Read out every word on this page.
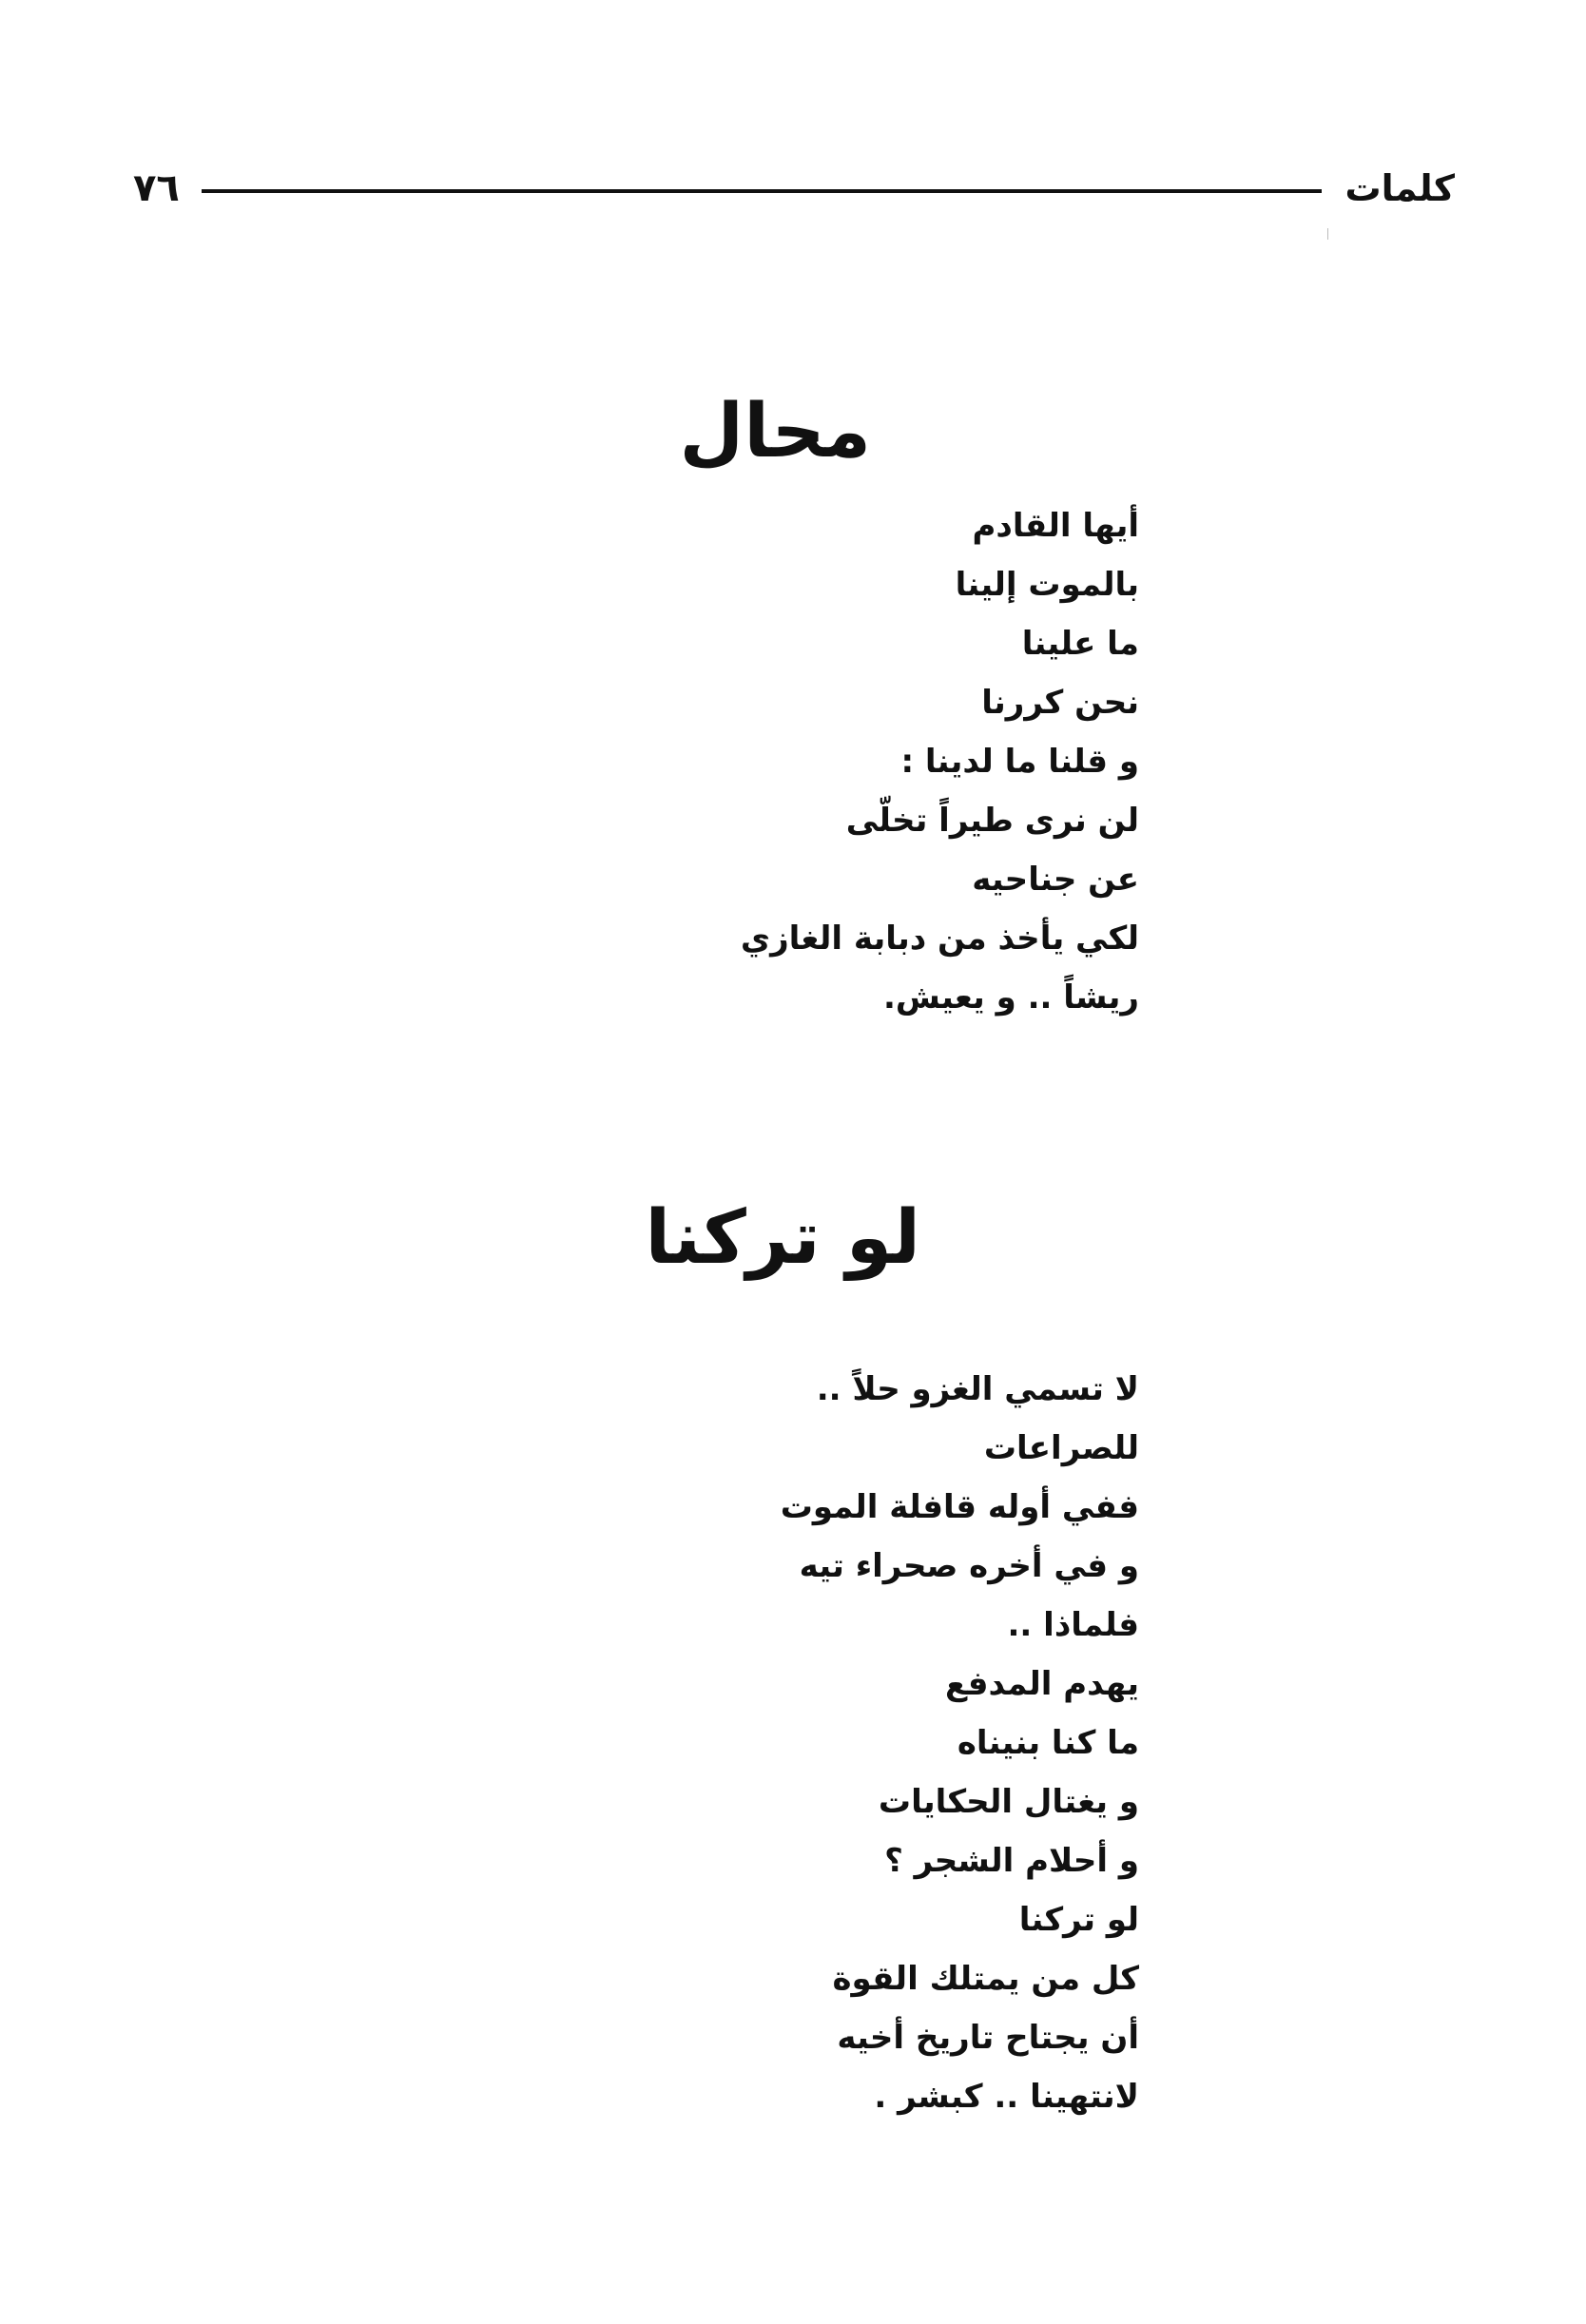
٧٦	كلمات
محال
أيها القادم
بالموت إلينا
ما علينا
نحن كررنا
و قلنا ما لدينا :
لن نرى طيراً تخلّى
عن جناحيه
لكي يأخذ من دبابة الغازي
ريشاً .. و يعيش.
لو تركنا
لا تسمي الغزو حلاً ..
للصراعات
ففي أوله قافلة الموت
و في أخره صحراء تيه
فلماذا ..
يهدم المدفع
ما كنا بنيناه
و يغتال الحكايات
و أحلام الشجر ؟
لو تركنا
كل من يمتلك القوة
أن يجتاح تاريخ أخيه
لانتهينا .. كبشر .
